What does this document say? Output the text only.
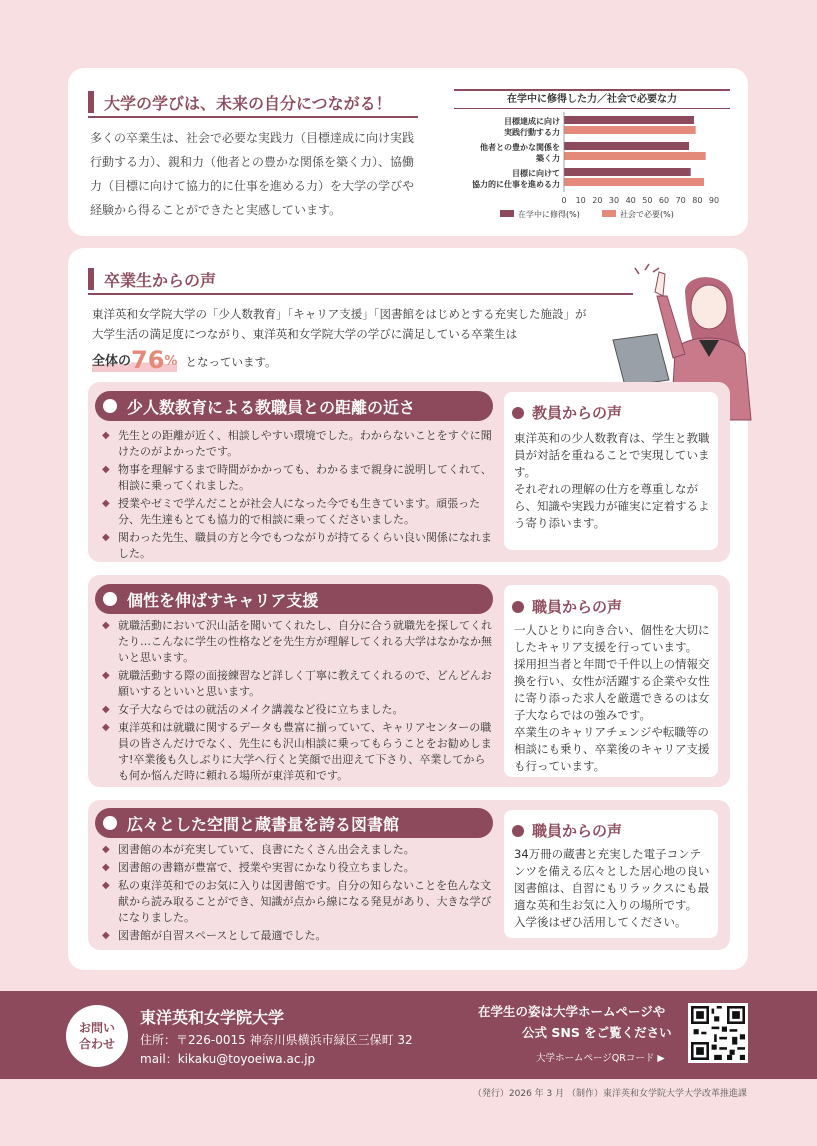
大学の学びは、未来の自分につながる！
多くの卒業生は、社会で必要な実践力（目標達成に向け実践行動する力）、親和力（他者との豊かな関係を築く力）、協働力（目標に向けて協力的に仕事を進める力）を大学の学びや経験から得ることができたと実感しています。
在学中に修得した力／社会で必要な力
目標達成に向け
実践行動する力
他者との豊かな関係を
築く力
目標に向けて
協力的に仕事を進める力
0 10 20 30 40 50 60 70 80 90
在学中に修得(%)	社会で必要(%)
卒業生からの声
東洋英和女学院大学の「少人数教育」「キャリア支援」「図書館をはじめとする充実した施設」が
大学生活の満足度につながり、東洋英和女学院大学の学びに満足している卒業生は
全体の 76 % となっています。
少人数教育による教職員との距離の近さ
◆ 先生との距離が近く、相談しやすい環境でした。わからないことをすぐに聞けたのがよかったです。
◆ 物事を理解するまで時間がかかっても、わかるまで親身に説明してくれて、相談に乗ってくれました。
◆ 授業やゼミで学んだことが社会人になった今でも生きています。頑張った分、先生達もとても協力的で相談に乗ってくださいました。
◆ 関わった先生、職員の方と今でもつながりが持てるくらい良い関係になれました。
教員からの声
東洋英和の少人数教育は、学生と教職員が対話を重ねることで実現しています。
それぞれの理解の仕方を尊重しながら、知識や実践力が確実に定着するよう寄り添います。
個性を伸ばすキャリア支援
◆ 就職活動において沢山話を聞いてくれたし、自分に合う就職先を探してくれたり…こんなに学生の性格などを先生方が理解してくれる大学はなかなか無いと思います。
◆ 就職活動する際の面接練習など詳しく丁寧に教えてくれるので、どんどんお願いするといいと思います。
◆ 女子大ならではの就活のメイク講義など役に立ちました。
◆ 東洋英和は就職に関するデータも豊富に揃っていて、キャリアセンターの職員の皆さんだけでなく、先生にも沢山相談に乗ってもらうことをお勧めします!卒業後も久しぶりに大学へ行くと笑顔で出迎えて下さり、卒業してからも何か悩んだ時に頼れる場所が東洋英和です。
職員からの声
一人ひとりに向き合い、個性を大切にしたキャリア支援を行っています。
採用担当者と年間で千件以上の情報交換を行い、女性が活躍する企業や女性に寄り添った求人を厳選できるのは女子大ならではの強みです。
卒業生のキャリアチェンジや転職等の相談にも乗り、卒業後のキャリア支援も行っています。
広々とした空間と蔵書量を誇る図書館
◆ 図書館の本が充実していて、良書にたくさん出会えました。
◆ 図書館の書籍が豊富で、授業や実習にかなり役立ちました。
◆ 私の東洋英和でのお気に入りは図書館です。自分の知らないことを色んな文献から読み取ることができ、知識が点から線になる発見があり、大きな学びになりました。
◆ 図書館が自習スペースとして最適でした。
職員からの声
34万冊の蔵書と充実した電子コンテンツを備える広々とした居心地の良い図書館は、自習にもリラックスにも最適な英和生お気に入りの場所です。
入学後はぜひ活用してください。
お問い
合わせ
東洋英和女学院大学
住所：〒226-0015 神奈川県横浜市緑区三保町 32
mail：kikaku@toyoeiwa.ac.jp
在学生の姿は大学ホームページや
公式 SNS をご覧ください
大学ホームページQRコード ▶
（発行）2026 年 3 月 （制作）東洋英和女学院大学大学改革推進課
